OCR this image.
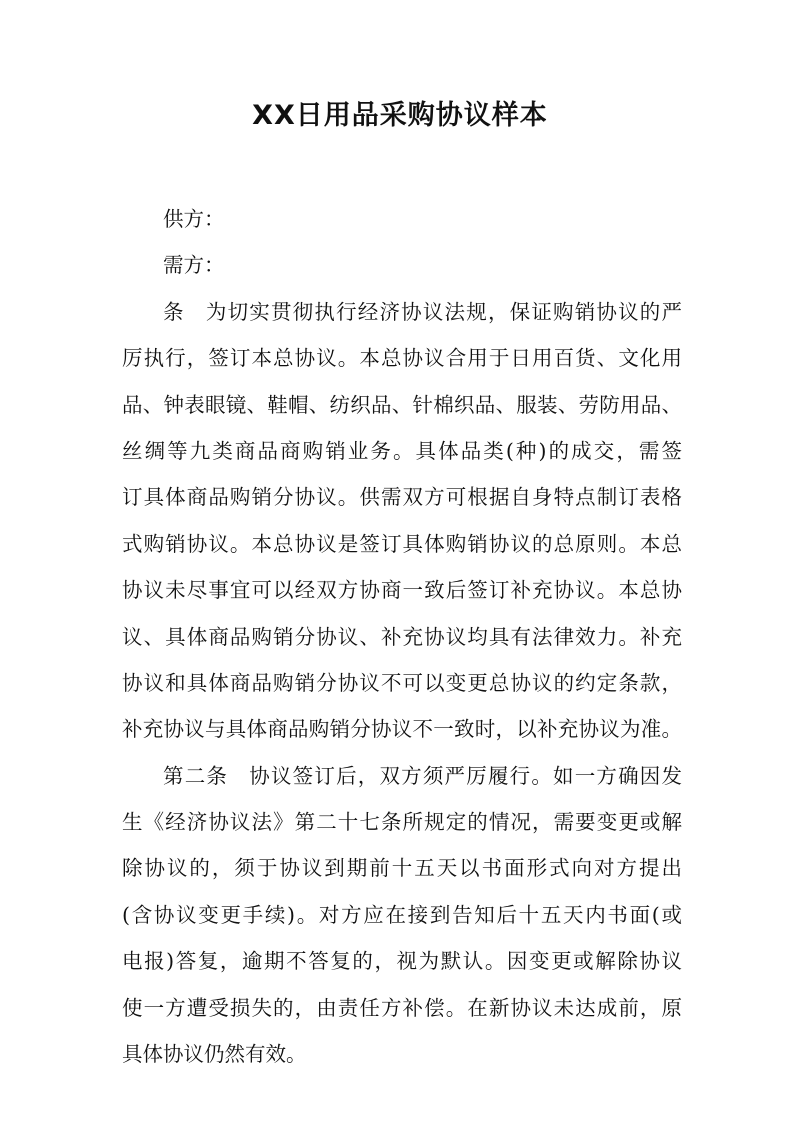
XX日用品采购协议样本
供方：
需方：
条 为切实贯彻执行经济协议法规，保证购销协议的严
厉执行，签订本总协议。本总协议合用于日用百货、文化用
品、钟表眼镜、鞋帽、纺织品、针棉织品、服装、劳防用品、
丝绸等九类商品商购销业务。具体品类(种)的成交，需签
订具体商品购销分协议。供需双方可根据自身特点制订表格
式购销协议。本总协议是签订具体购销协议的总原则。本总
协议未尽事宜可以经双方协商一致后签订补充协议。本总协
议、具体商品购销分协议、补充协议均具有法律效力。补充
协议和具体商品购销分协议不可以变更总协议的约定条款，
补充协议与具体商品购销分协议不一致时，以补充协议为准。
第二条 协议签订后，双方须严厉履行。如一方确因发
生《经济协议法》第二十七条所规定的情况，需要变更或解
除协议的，须于协议到期前十五天以书面形式向对方提出
(含协议变更手续)。对方应在接到告知后十五天内书面(或
电报)答复，逾期不答复的，视为默认。因变更或解除协议
使一方遭受损失的，由责任方补偿。在新协议未达成前，原
具体协议仍然有效。
